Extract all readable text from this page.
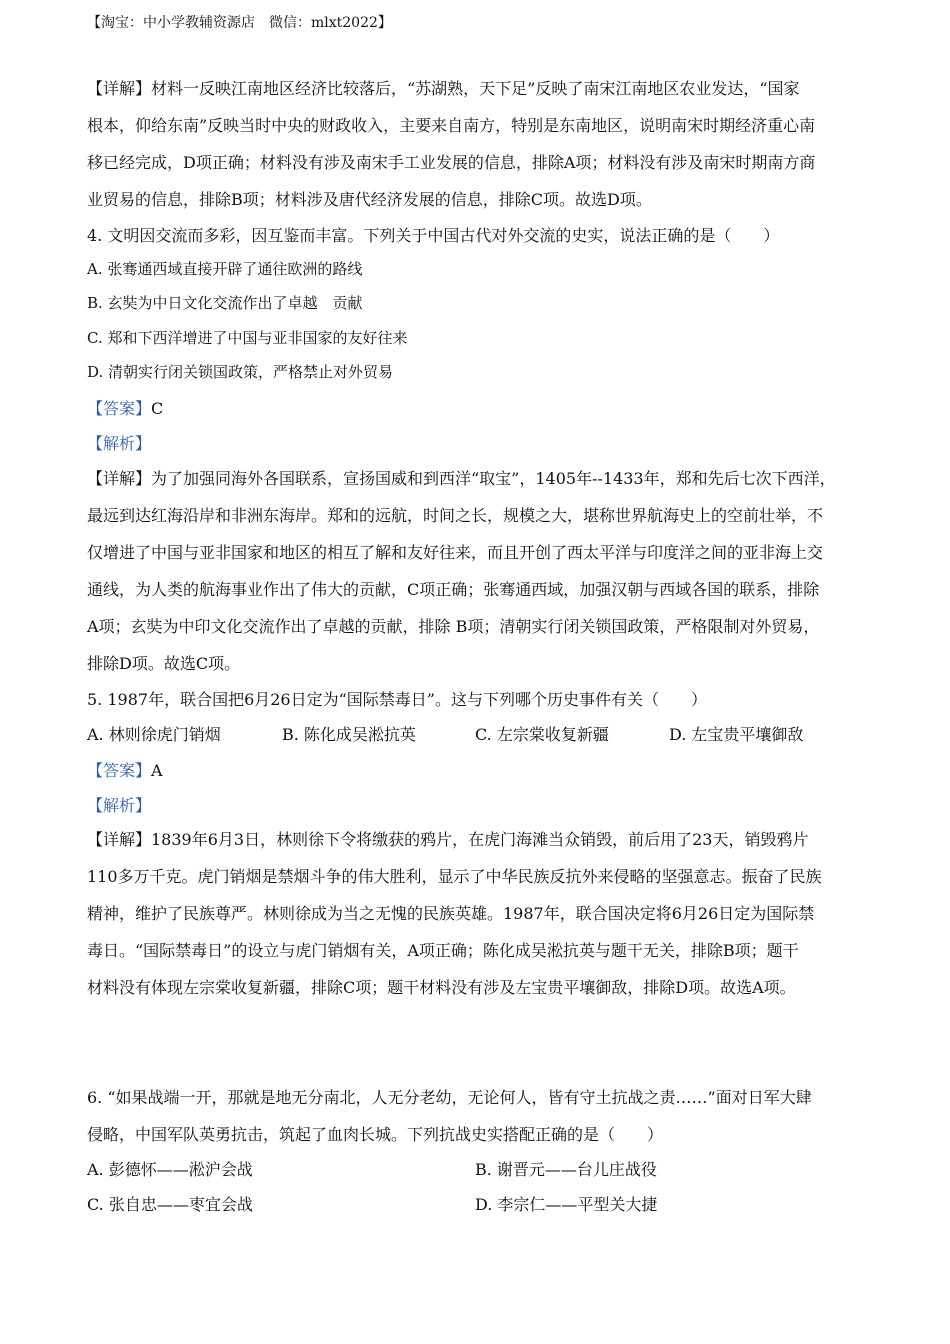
【淘宝：中小学教辅资源店　微信：mlxt2022】
【详解】材料一反映江南地区经济比较落后，“苏湖熟，天下足”反映了南宋江南地区农业发达，“国家
根本，仰给东南”反映当时中央的财政收入，主要来自南方，特别是东南地区，说明南宋时期经济重心南
移已经完成，D项正确；材料没有涉及南宋手工业发展的信息，排除A项；材料没有涉及南宋时期南方商
业贸易的信息，排除B项；材料涉及唐代经济发展的信息，排除C项。故选D项。
4. 文明因交流而多彩，因互鉴而丰富。下列关于中国古代对外交流的史实，说法正确的是（　　）
A. 张骞通西域直接开辟了通往欧洲的路线
B. 玄奘为中日文化交流作出了卓越　贡献
C. 郑和下西洋增进了中国与亚非国家的友好往来
D. 清朝实行闭关锁国政策，严格禁止对外贸易
【答案】C
【解析】
【详解】为了加强同海外各国联系，宣扬国威和到西洋“取宝”，1405年--1433年，郑和先后七次下西洋，
最远到达红海沿岸和非洲东海岸。郑和的远航，时间之长，规模之大，堪称世界航海史上的空前壮举，不
仅增进了中国与亚非国家和地区的相互了解和友好往来，而且开创了西太平洋与印度洋之间的亚非海上交
通线，为人类的航海事业作出了伟大的贡献，C项正确；张骞通西域，加强汉朝与西域各国的联系，排除
A项；玄奘为中印文化交流作出了卓越的贡献，排除 B项；清朝实行闭关锁国政策，严格限制对外贸易，
排除D项。故选C项。
5. 1987年，联合国把6月26日定为“国际禁毒日”。这与下列哪个历史事件有关（　　）
A. 林则徐虎门销烟	B. 陈化成吴淞抗英	C. 左宗棠收复新疆	D. 左宝贵平壤御敌
【答案】A
【解析】
【详解】1839年6月3日，林则徐下令将缴获的鸦片，在虎门海滩当众销毁，前后用了23天，销毁鸦片
110多万千克。虎门销烟是禁烟斗争的伟大胜利，显示了中华民族反抗外来侵略的坚强意志。振奋了民族
精神，维护了民族尊严。林则徐成为当之无愧的民族英雄。1987年，联合国决定将6月26日定为国际禁
毒日。“国际禁毒日”的设立与虎门销烟有关，A项正确；陈化成吴淞抗英与题干无关，排除B项；题干
材料没有体现左宗棠收复新疆，排除C项；题干材料没有涉及左宝贵平壤御敌，排除D项。故选A项。
6. “如果战端一开，那就是地无分南北，人无分老幼，无论何人，皆有守土抗战之责……”面对日军大肆
侵略，中国军队英勇抗击，筑起了血肉长城。下列抗战史实搭配正确的是（　　）
A. 彭德怀——淞沪会战	B. 谢晋元——台儿庄战役
C. 张自忠——枣宜会战	D. 李宗仁——平型关大捷
